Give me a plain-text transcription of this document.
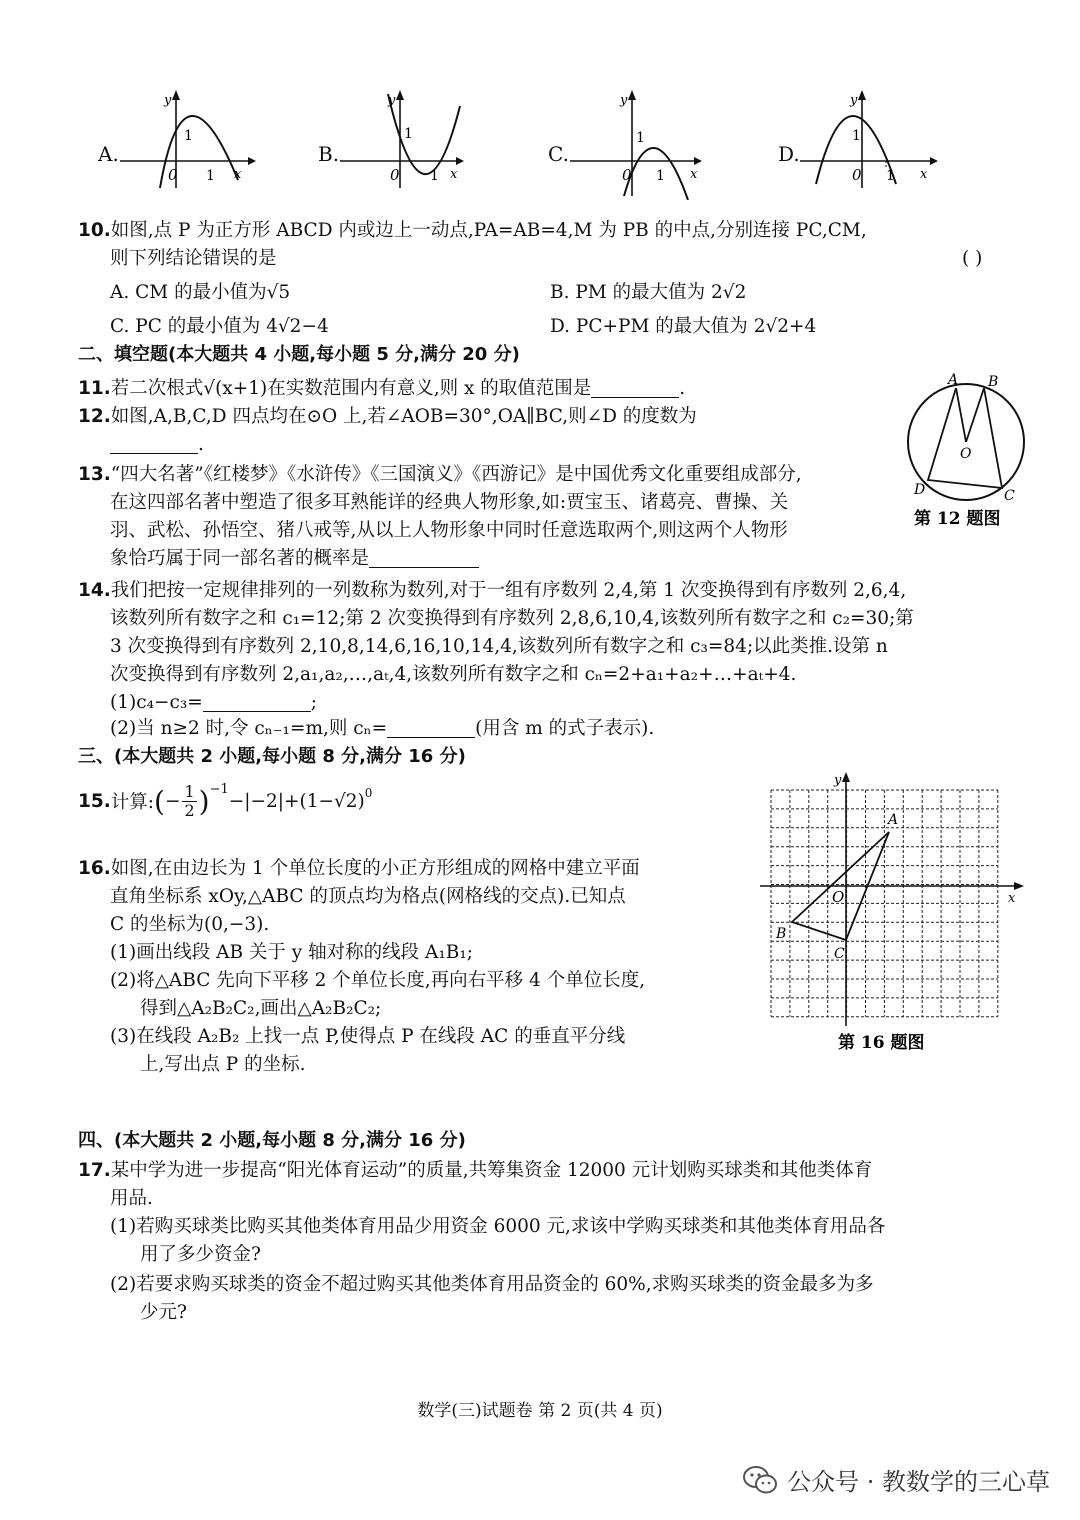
A.
y
1
0 1 x
B.
y
1
0 1 x
C.
y
1
0 1 x
D.
y
1
0 1 x
10.如图,点 P 为正方形 ABCD 内或边上一动点,PA=AB=4,M 为 PB 的中点,分别连接 PC,CM,
则下列结论错误的是	( )
A. CM 的最小值为√5	B. PM 的最大值为 2√2
C. PC 的最小值为 4√2−4	D. PC+PM 的最大值为 2√2+4
二、填空题(本大题共 4 小题,每小题 5 分,满分 20 分)
11.若二次根式√(x+1)在实数范围内有意义,则 x 的取值范围是	.
12.如图,A,B,C,D 四点均在⊙O 上,若∠AOB=30°,OA∥BC,则∠D 的度数为
.
A B
C
D
O
第 12 题图
13.“四大名著”《红楼梦》《水浒传》《三国演义》《西游记》是中国优秀文化重要组成部分,
在这四部名著中塑造了很多耳熟能详的经典人物形象,如:贾宝玉、诸葛亮、曹操、关
羽、武松、孙悟空、猪八戒等,从以上人物形象中同时任意选取两个,则这两个人物形
象恰巧属于同一部名著的概率是
14.我们把按一定规律排列的一列数称为数列,对于一组有序数列 2,4,第 1 次变换得到有序数列 2,6,4,
该数列所有数字之和 c₁=12;第 2 次变换得到有序数列 2,8,6,10,4,该数列所有数字之和 c₂=30;第
3 次变换得到有序数列 2,10,8,14,6,16,10,14,4,该数列所有数字之和 c₃=84;以此类推.设第 n
次变换得到有序数列 2,a₁,a₂,…,aₜ,4,该数列所有数字之和 cₙ=2+a₁+a₂+…+aₜ+4.
(1)c₄−c₃=	;
(2)当 n≥2 时,令 cₙ₋₁=m,则 cₙ=	(用含 m 的式子表示).
三、(本大题共 2 小题,每小题 8 分,满分 16 分)
15. 计算: ( − $\frac{1}{2} )^{-1}$
$-|-2|+(1-√2)^0$
x
y
O
A
B
C
第 16 题图
16.如图,在由边长为 1 个单位长度的小正方形组成的网格中建立平面
直角坐标系 xOy,△ABC 的顶点均为格点(网格线的交点).已知点
C 的坐标为(0,−3).
(1)画出线段 AB 关于 y 轴对称的线段 A₁B₁;
(2)将△ABC 先向下平移 2 个单位长度,再向右平移 4 个单位长度,
得到△A₂B₂C₂,画出△A₂B₂C₂;
(3)在线段 A₂B₂ 上找一点 P,使得点 P 在线段 AC 的垂直平分线
上,写出点 P 的坐标.
四、(本大题共 2 小题,每小题 8 分,满分 16 分)
17.某中学为进一步提高“阳光体育运动”的质量,共筹集资金 12000 元计划购买球类和其他类体育
用品.
(1)若购买球类比购买其他类体育用品少用资金 6000 元,求该中学购买球类和其他类体育用品各
用了多少资金?
(2)若要求购买球类的资金不超过购买其他类体育用品资金的 60%,求购买球类的资金最多为多
少元?
数学(三)试题卷 第 2 页(共 4 页)
公众号 · 教数学的三心草
